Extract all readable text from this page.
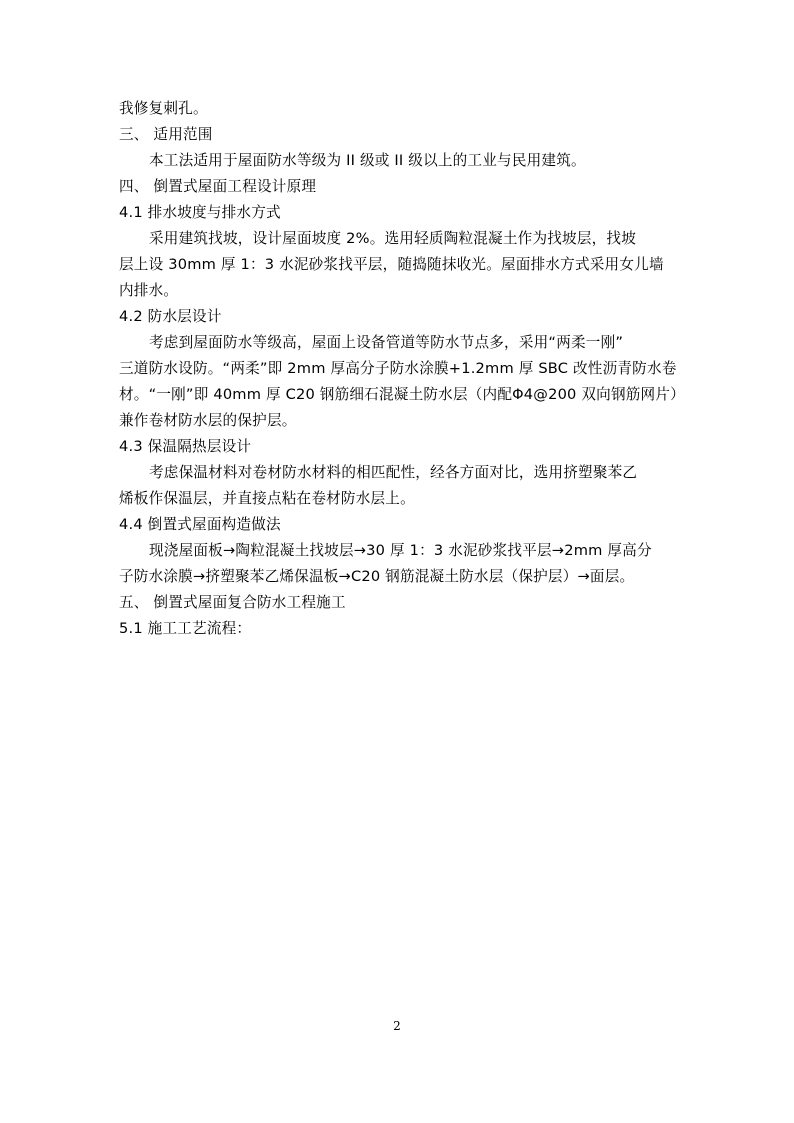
我修复刺孔。
三、 适用范围
本工法适用于屋面防水等级为 II 级或 II 级以上的工业与民用建筑。
四、 倒置式屋面工程设计原理
4.1 排水坡度与排水方式
采用建筑找坡，设计屋面坡度 2%。选用轻质陶粒混凝土作为找坡层，找坡
层上设 30mm 厚 1：3 水泥砂浆找平层，随捣随抹收光。屋面排水方式采用女儿墙
内排水。
4.2 防水层设计
考虑到屋面防水等级高，屋面上设备管道等防水节点多，采用“两柔一刚”
三道防水设防。“两柔”即 2mm 厚高分子防水涂膜+1.2mm 厚 SBC 改性沥青防水卷
材。“一刚”即 40mm 厚 C20 钢筋细石混凝土防水层（内配Φ4@200 双向钢筋网片）
兼作卷材防水层的保护层。
4.3 保温隔热层设计
考虑保温材料对卷材防水材料的相匹配性，经各方面对比，选用挤塑聚苯乙
烯板作保温层，并直接点粘在卷材防水层上。
4.4 倒置式屋面构造做法
现浇屋面板→陶粒混凝土找坡层→30 厚 1：3 水泥砂浆找平层→2mm 厚高分
子防水涂膜→挤塑聚苯乙烯保温板→C20 钢筋混凝土防水层（保护层）→面层。
五、 倒置式屋面复合防水工程施工
5.1 施工工艺流程：
2
